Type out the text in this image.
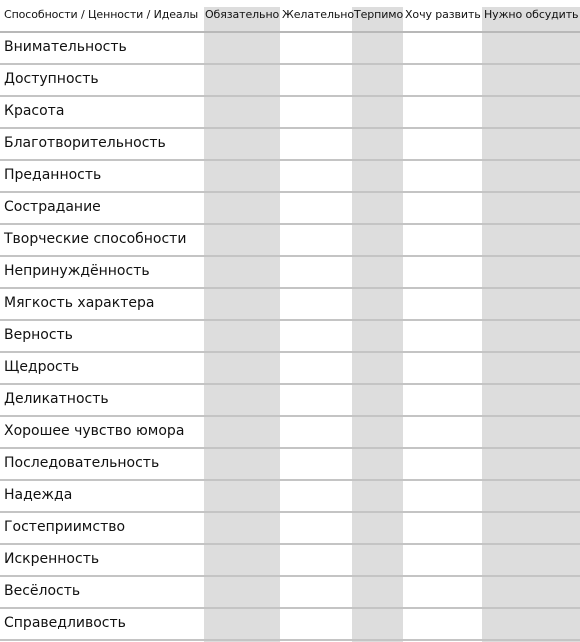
Способности / Ценности / Идеалы Обязательно Желательно Терпимо Хочу развить Нужно обсудить
Внимательность
Доступность
Красота
Благотворительность
Преданность
Сострадание
Творческие способности
Непринуждённость
Мягкость характера
Верность
Щедрость
Деликатность
Хорошее чувство юмора
Последовательность
Надежда
Гостеприимство
Искренность
Весёлость
Справедливость
